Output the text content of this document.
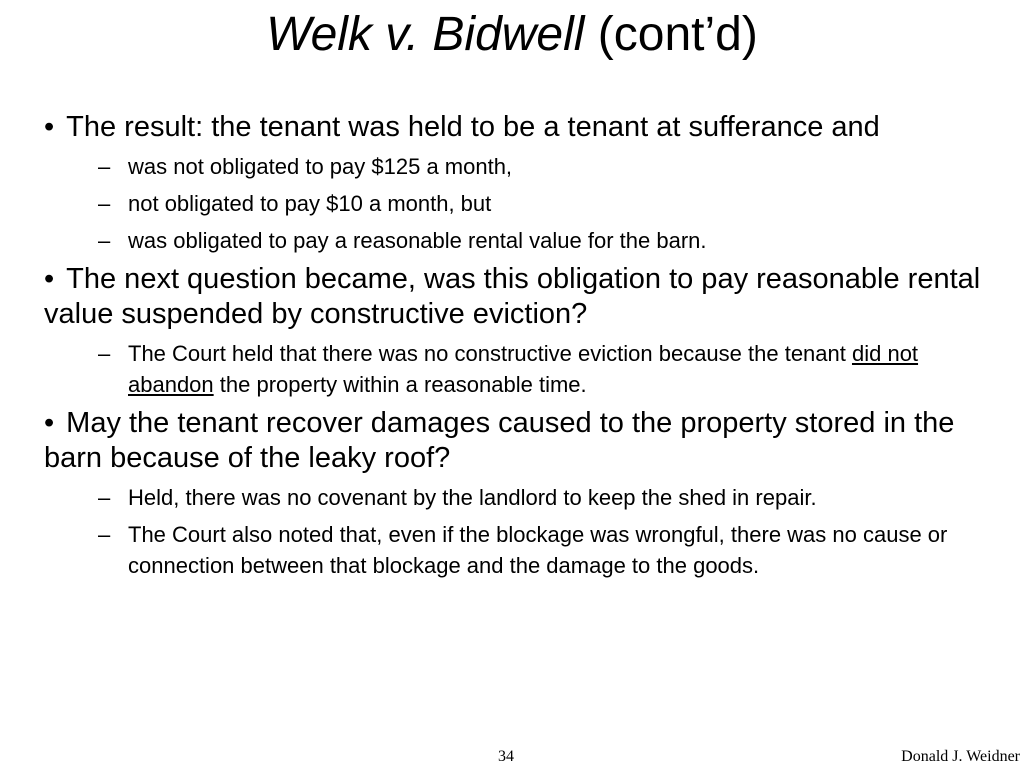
Welk v. Bidwell (cont’d)
• The result: the tenant was held to be a tenant at sufferance and
– was not obligated to pay $125 a month,
– not obligated to pay $10 a month, but
– was obligated to pay a reasonable rental value for the barn.
• The next question became, was this obligation to pay reasonable rental value suspended by constructive eviction?
– The Court held that there was no constructive eviction because the tenant did not abandon the property within a reasonable time.
• May the tenant recover damages caused to the property stored in the barn because of the leaky roof?
– Held, there was no covenant by the landlord to keep the shed in repair.
– The Court also noted that, even if the blockage was wrongful, there was no cause or connection between that blockage and the damage to the goods.
34	Donald J. Weidner
